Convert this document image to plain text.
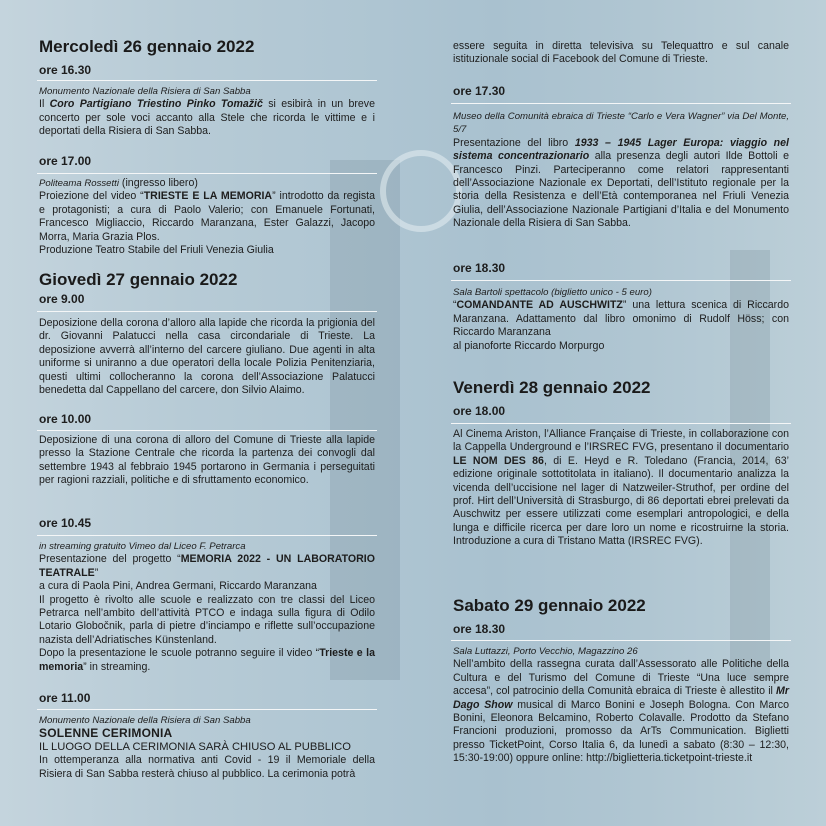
Mercoledì 26 gennaio 2022
ore 16.30

Monumento Nazionale della Risiera di San Sabba

Il Coro Partigiano Triestino Pinko Tomažič si esibirà in un breve concerto per sole voci accanto alla Stele che ricorda le vittime e i deportati della Risiera di San Sabba.

ore 17.00

Politeama Rossetti (ingresso libero)

Proiezione del video “TRIESTE E LA MEMORIA” introdotto da regista e protagonisti; a cura di Paolo Valerio; con Emanuele Fortunati, Francesco Migliaccio, Riccardo Maranzana, Ester Galazzi, Jacopo Morra, Maria Grazia Plos.

Produzione Teatro Stabile del Friuli Venezia Giulia

Giovedì 27 gennaio 2022
ore 9.00
Deposizione della corona d’alloro alla lapide che ricorda la prigionia del dr. Giovanni Palatucci nella casa circondariale di Trieste. La deposizione avverrà all’interno del carcere giuliano. Due agenti in alta uniforme si uniranno a due operatori della locale Polizia Penitenziaria, questi ultimi collocheranno la corona dell’Associazione Palatucci benedetta dal Cappellano del carcere, don Silvio Alaimo.
ore 10.00
Deposizione di una corona di alloro del Comune di Trieste alla lapide presso la Stazione Centrale che ricorda la partenza dei convogli dal settembre 1943 al febbraio 1945 portarono in Germania i perseguitati per ragioni razziali, politiche e di sfruttamento economico.
ore 10.45

in streaming gratuito Vimeo dal Liceo F. Petrarca

Presentazione del progetto “MEMORIA 2022 - UN LABORATORIO TEATRALE”

a cura di Paola Pini, Andrea Germani, Riccardo Maranzana

Il progetto è rivolto alle scuole e realizzato con tre classi del Liceo Petrarca nell’ambito dell’attività PTCO e indaga sulla figura di Odilo Lotario Globočnik, parla di pietre d’inciampo e riflette sull’occupazione nazista dell’Adriatisches Künstenland.

Dopo la presentazione le scuole potranno seguire il video “Trieste e la memoria” in streaming.

ore 11.00

Monumento Nazionale della Risiera di San Sabba

SOLENNE CERIMONIA

IL LUOGO DELLA CERIMONIA SARÀ CHIUSO AL PUBBLICO

In ottemperanza alla normativa anti Covid - 19 il Memoriale della Risiera di San Sabba resterà chiuso al pubblico. La cerimonia potrà

essere seguita in diretta televisiva su Telequattro e sul canale istituzionale social di Facebook del Comune di Trieste.
ore 17.30

Museo della Comunità ebraica di Trieste “Carlo e Vera Wagner” via Del Monte, 5/7

Presentazione del libro 1933 – 1945 Lager Europa: viaggio nel sistema concentrazionario alla presenza degli autori Ilde Bottoli e Francesco Pinzi. Parteciperanno come relatori rappresentanti dell’Associazione Nazionale ex Deportati, dell’Istituto regionale per la storia della Resistenza e dell’Età contemporanea nel Friuli Venezia Giulia, dell’Associazione Nazionale Partigiani d’Italia e del Monumento Nazionale della Risiera di San Sabba.

ore 18.30

Sala Bartoli spettacolo (biglietto unico - 5 euro)

“COMANDANTE AD AUSCHWITZ” una lettura scenica di Riccardo Maranzana. Adattamento dal libro omonimo di Rudolf Höss; con Riccardo Maranzana

al pianoforte Riccardo Morpurgo

Venerdì 28 gennaio 2022
ore 18.00

Al Cinema Ariston, l’Alliance Française di Trieste, in collaborazione con la Cappella Underground e l’IRSREC FVG, presentano il documentario LE NOM DES 86, di E. Heyd e R. Toledano (Francia, 2014, 63’ edizione originale sottotitolata in italiano). Il documentario analizza la vicenda dell’uccisione nel lager di Natzweiler-Struthof, per ordine del prof. Hirt dell’Università di Strasburgo, di 86 deportati ebrei prelevati da Auschwitz per essere utilizzati come esemplari antropologici, e della lunga e difficile ricerca per dare loro un nome e ricostruirne la storia. Introduzione a cura di Tristano Matta (IRSREC FVG).

Sabato 29 gennaio 2022
ore 18.30

Sala Luttazzi, Porto Vecchio, Magazzino 26

Nell’ambito della rassegna curata dall’Assessorato alle Politiche della Cultura e del Turismo del Comune di Trieste “Una luce sempre accesa”, col patrocinio della Comunità ebraica di Trieste è allestito il Mr Dago Show musical di Marco Bonini e Joseph Bologna. Con Marco Bonini, Eleonora Belcamino, Roberto Colavalle. Prodotto da Stefano Francioni produzioni, promosso da ArTs Communication. Biglietti presso TicketPoint, Corso Italia 6, da lunedì a sabato (8:30 – 12:30, 15:30-19:00) oppure online: http://biglietteria.ticketpoint-trieste.it
